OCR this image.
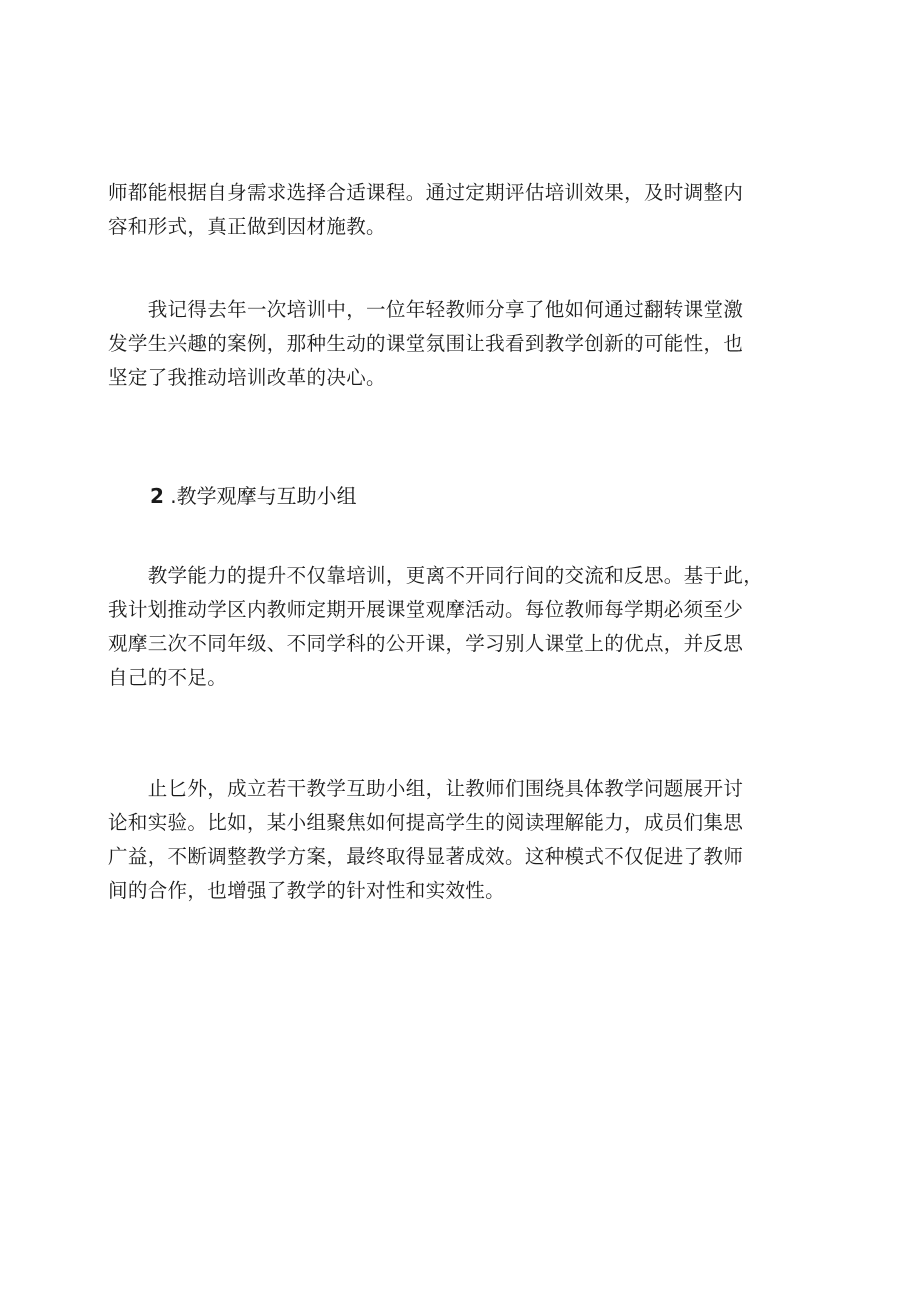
师都能根据自身需求选择合适课程。通过定期评估培训效果，及时调整内
容和形式，真正做到因材施教。
　　我记得去年一次培训中，一位年轻教师分享了他如何通过翻转课堂激
发学生兴趣的案例，那种生动的课堂氛围让我看到教学创新的可能性，也
坚定了我推动培训改革的决心。
2 .教学观摩与互助小组
　　教学能力的提升不仅靠培训，更离不开同行间的交流和反思。基于此，
我计划推动学区内教师定期开展课堂观摩活动。每位教师每学期必须至少
观摩三次不同年级、不同学科的公开课，学习别人课堂上的优点，并反思
自己的不足。
　　止匕外，成立若干教学互助小组，让教师们围绕具体教学问题展开讨
论和实验。比如，某小组聚焦如何提高学生的阅读理解能力，成员们集思
广益，不断调整教学方案，最终取得显著成效。这种模式不仅促进了教师
间的合作，也增强了教学的针对性和实效性。
